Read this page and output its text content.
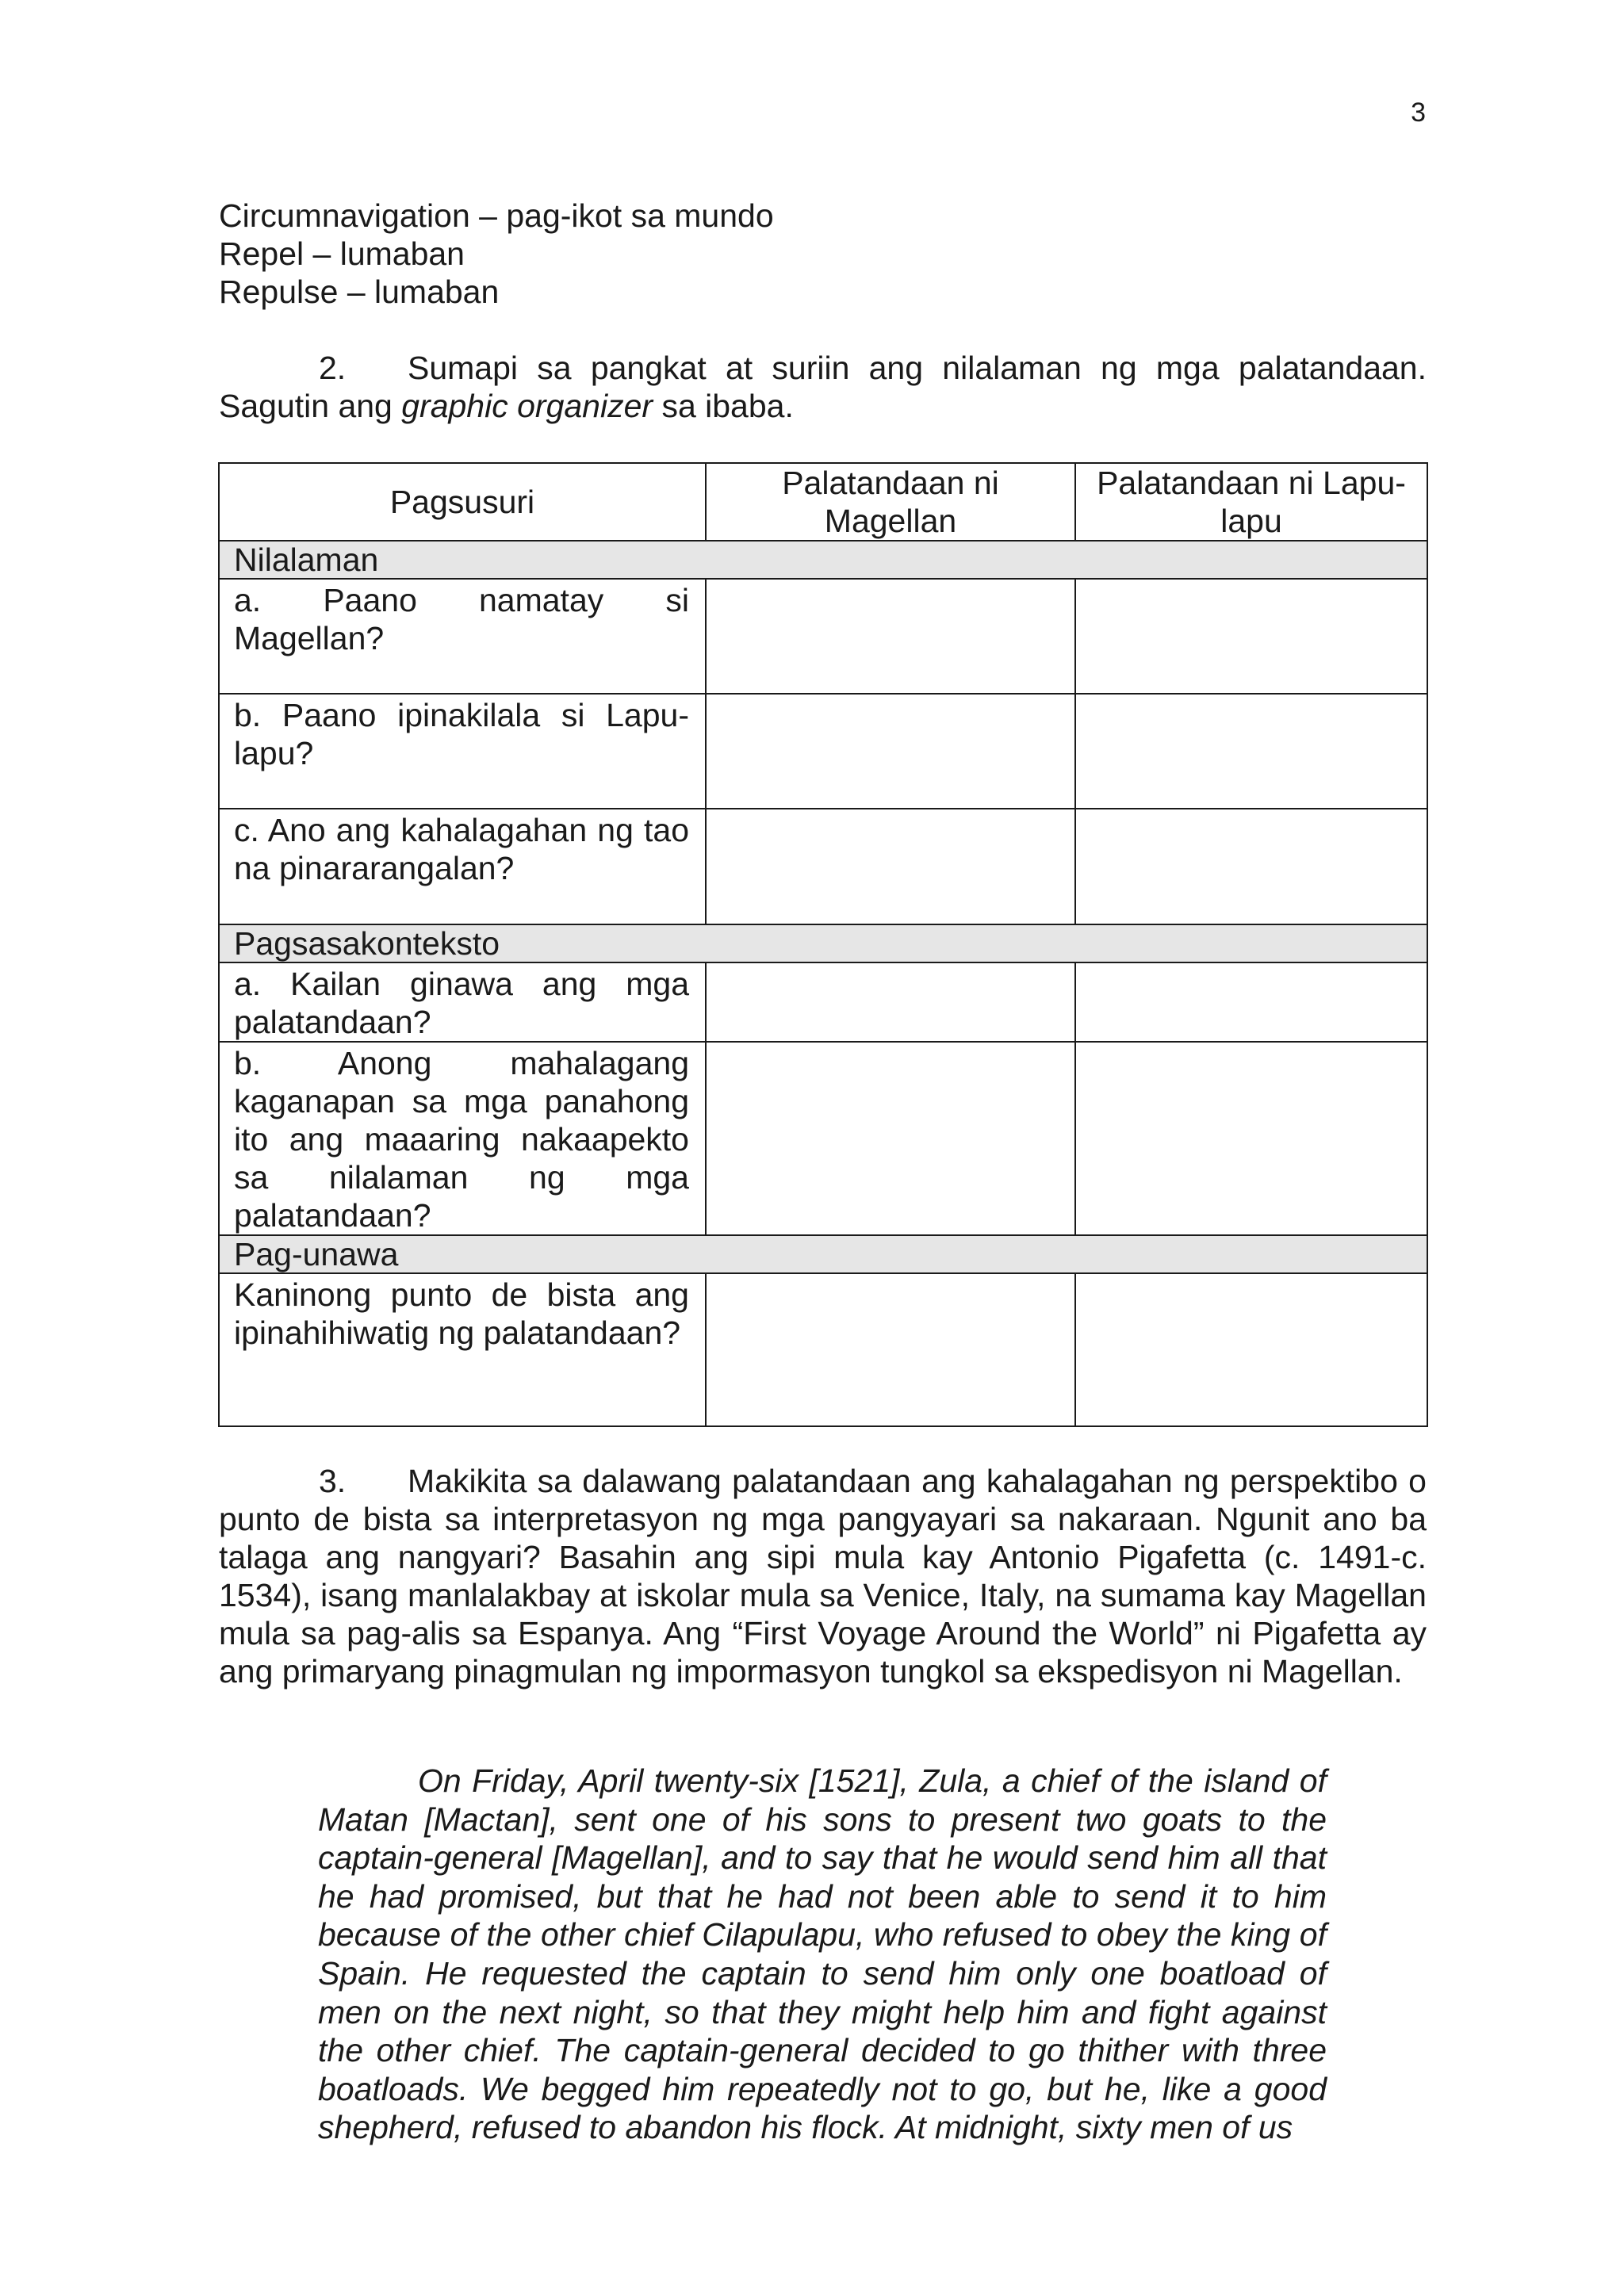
3
Circumnavigation – pag-ikot sa mundo
Repel – lumaban
Repulse – lumaban

2. Sumapi sa pangkat at suriin ang nilalaman ng mga palatandaan. Sagutin ang graphic organizer sa ibaba.

Pagsusuri	Palatandaan ni Magellan	Palatandaan ni Lapu-lapu
Nilalaman		
a. Paano namatay si Magellan?		
b. Paano ipinakilala si Lapu-lapu?		
c. Ano ang kahalagahan ng tao na pinararangalan?		
Pagsasakonteksto		
a. Kailan ginawa ang mga palatandaan?		
b. Anong mahalagang kaganapan sa mga panahong ito ang maaaring nakaapekto sa nilalaman ng mga palatandaan?		
Pag-unawa		
Kaninong punto de bista ang ipinahihiwatig ng palatandaan?		

3. Makikita sa dalawang palatandaan ang kahalagahan ng perspektibo o punto de bista sa interpretasyon ng mga pangyayari sa nakaraan. Ngunit ano ba talaga ang nangyari? Basahin ang sipi mula kay Antonio Pigafetta (c. 1491-c. 1534), isang manlalakbay at iskolar mula sa Venice, Italy, na sumama kay Magellan mula sa pag-alis sa Espanya. Ang “First Voyage Around the World” ni Pigafetta ay ang primaryang pinagmulan ng impormasyon tungkol sa ekspedisyon ni Magellan.

On Friday, April twenty-six [1521], Zula, a chief of the island of Matan [Mactan], sent one of his sons to present two goats to the captain-general [Magellan], and to say that he would send him all that he had promised, but that he had not been able to send it to him because of the other chief Cilapulapu, who refused to obey the king of Spain. He requested the captain to send him only one boatload of men on the next night, so that they might help him and fight against the other chief. The captain-general decided to go thither with three boatloads. We begged him repeatedly not to go, but he, like a good shepherd, refused to abandon his flock. At midnight, sixty men of us
